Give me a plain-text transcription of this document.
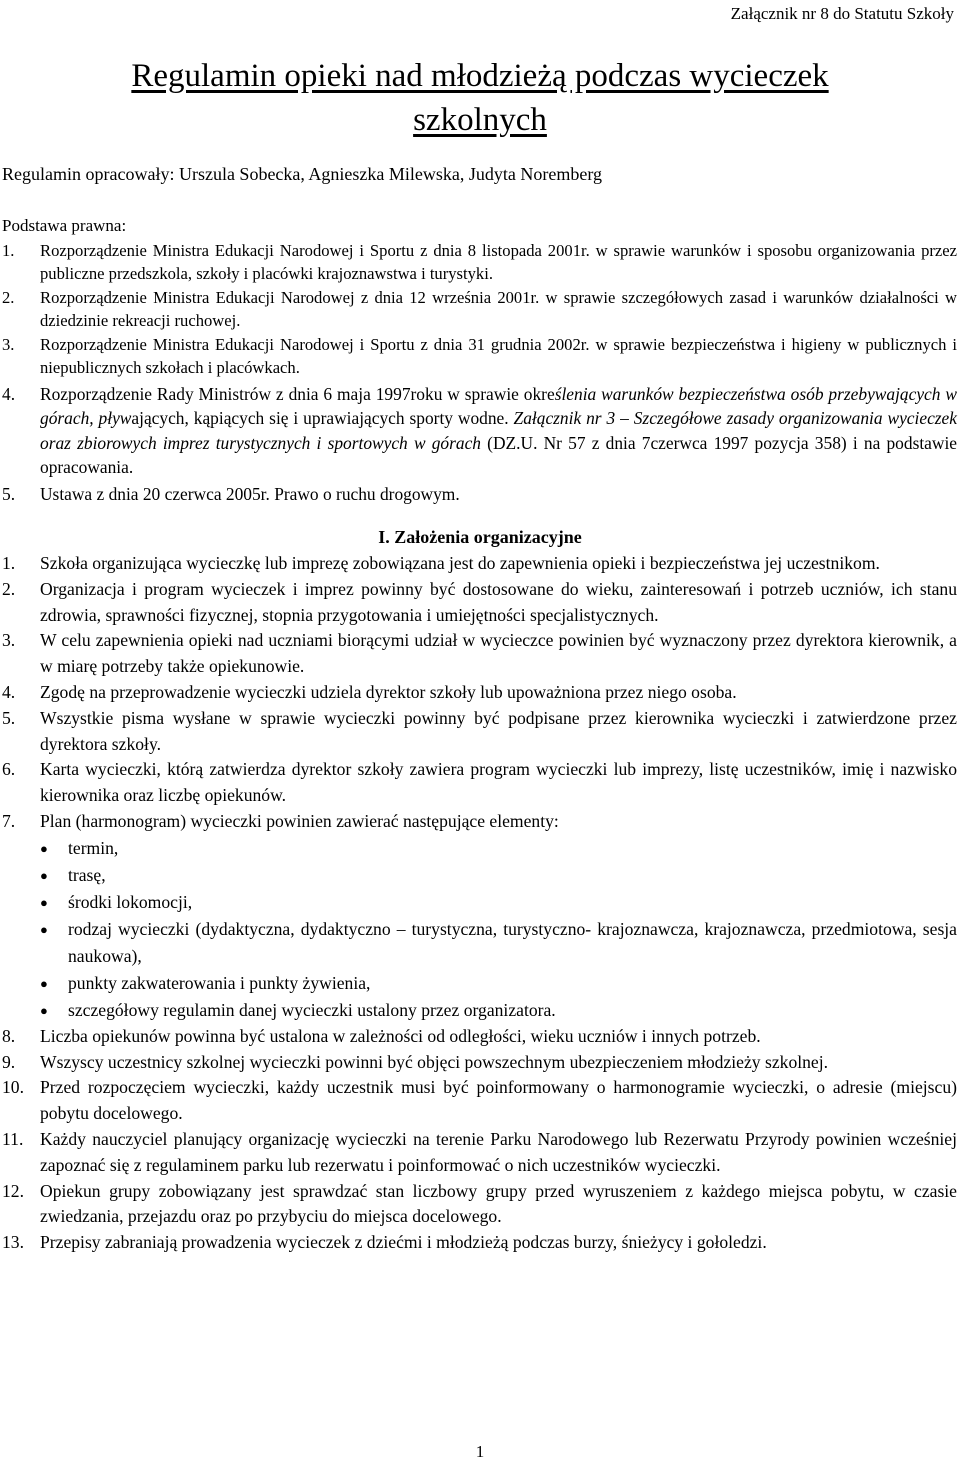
Załącznik nr 8 do Statutu Szkoły
Regulamin opieki nad młodzieżą podczas wycieczek
szkolnych
Regulamin opracowały: Urszula Sobecka, Agnieszka Milewska, Judyta Noremberg
Podstawa prawna:
1.	Rozporządzenie Ministra Edukacji Narodowej i Sportu z dnia 8 listopada 2001r. w sprawie warunków i sposobu organizowania przez publiczne przedszkola, szkoły i placówki krajoznawstwa i turystyki.
2.	Rozporządzenie Ministra Edukacji Narodowej z dnia 12 września 2001r. w sprawie szczegółowych zasad i warunków działalności w dziedzinie rekreacji ruchowej.
3.	Rozporządzenie Ministra Edukacji Narodowej i Sportu z dnia 31 grudnia 2002r. w sprawie bezpieczeństwa i higieny w publicznych i niepublicznych szkołach i placówkach.
4.	Rozporządzenie Rady Ministrów z dnia 6 maja 1997roku w sprawie określenia warunków bezpieczeństwa osób przebywających w górach, pływających, kąpiących się i uprawiających sporty wodne. Załącznik nr 3 – Szczegółowe zasady organizowania wycieczek oraz zbiorowych imprez turystycznych i sportowych w górach (DZ.U. Nr 57 z dnia 7czerwca 1997 pozycja 358) i na podstawie opracowania.
5.	Ustawa z dnia 20 czerwca 2005r. Prawo o ruchu drogowym.
I. Założenia organizacyjne
1.	Szkoła organizująca wycieczkę lub imprezę zobowiązana jest do zapewnienia opieki i bezpieczeństwa jej uczestnikom.
2.	Organizacja i program wycieczek i imprez powinny być dostosowane do wieku, zainteresowań i potrzeb uczniów, ich stanu zdrowia, sprawności fizycznej, stopnia przygotowania i umiejętności specjalistycznych.
3.	W celu zapewnienia opieki nad uczniami biorącymi udział w wycieczce powinien być wyznaczony przez dyrektora kierownik, a w miarę potrzeby także opiekunowie.
4.	Zgodę na przeprowadzenie wycieczki udziela dyrektor szkoły lub upoważniona przez niego osoba.
5.	Wszystkie pisma wysłane w sprawie wycieczki powinny być podpisane przez kierownika wycieczki i zatwierdzone przez dyrektora szkoły.
6.	Karta wycieczki, którą zatwierdza dyrektor szkoły zawiera program wycieczki lub imprezy, listę uczestników, imię i nazwisko kierownika oraz liczbę opiekunów.
7.	Plan (harmonogram) wycieczki powinien zawierać następujące elementy:
●	termin,
●	trasę,
●	środki lokomocji,
●	rodzaj wycieczki (dydaktyczna, dydaktyczno – turystyczna, turystyczno- krajoznawcza, krajoznawcza, przedmiotowa, sesja naukowa),
●	punkty zakwaterowania i punkty żywienia,
●	szczegółowy regulamin danej wycieczki ustalony przez organizatora.
8.	Liczba opiekunów powinna być ustalona w zależności od odległości, wieku uczniów i innych potrzeb.
9.	Wszyscy uczestnicy szkolnej wycieczki powinni być objęci powszechnym ubezpieczeniem młodzieży szkolnej.
10. Przed rozpoczęciem wycieczki, każdy uczestnik musi być poinformowany o harmonogramie wycieczki, o adresie (miejscu) pobytu docelowego.
11. Każdy nauczyciel planujący organizację wycieczki na terenie Parku Narodowego lub Rezerwatu Przyrody powinien wcześniej zapoznać się z regulaminem parku lub rezerwatu i poinformować o nich uczestników wycieczki.
12. Opiekun grupy zobowiązany jest sprawdzać stan liczbowy grupy przed wyruszeniem z każdego miejsca pobytu, w czasie zwiedzania, przejazdu oraz po przybyciu do miejsca docelowego.
13. Przepisy zabraniają prowadzenia wycieczek z dziećmi i młodzieżą podczas burzy, śnieżycy i gołoledzi.
1
